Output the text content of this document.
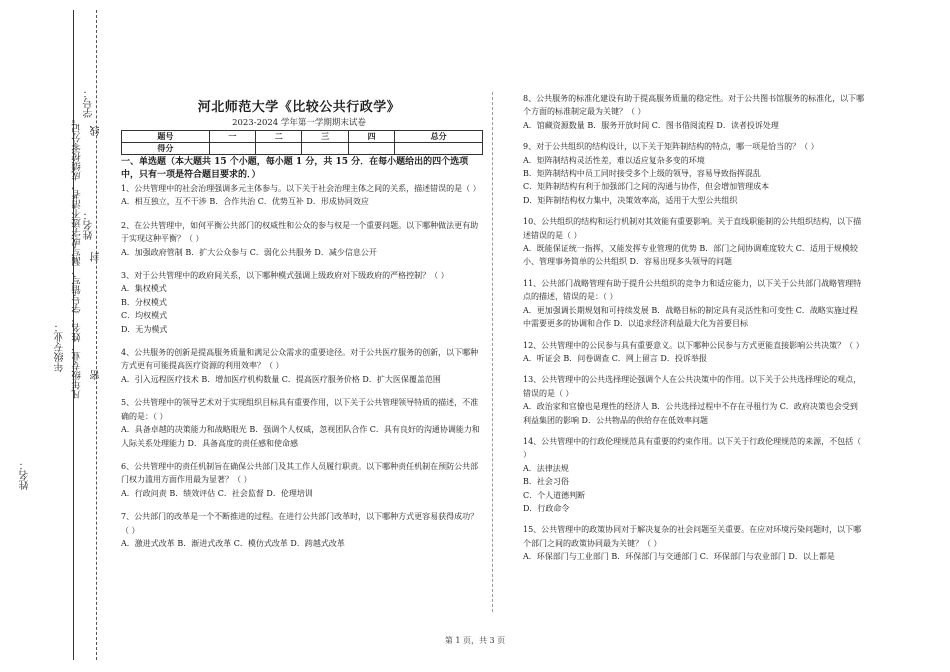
密
封
线
学号：
姓名：
年级专业：
姓名：
凡年级专业、姓名、学号错写、漏写或字迹不清者，成绩按零分记。
河北师范大学《比较公共行政学》
2023-2024 学年第一学期期末试卷
题号	一	二	三	四	总分
得分					
一、单选题（本大题共 15 个小题，每小题 1 分，共 15 分．在每小题给出的四个选项中，只有一项是符合题目要求的．）
1、公共管理中的社会治理强调多元主体参与。以下关于社会治理主体之间的关系，描述错误的是（ ）
A．相互独立，互不干涉 B．合作共治 C．优势互补 D．形成协同效应
2、在公共管理中，如何平衡公共部门的权威性和公众的参与权是一个重要问题。以下哪种做法更有助于实现这种平衡？（ ）
A．加强政府管制 B．扩大公众参与 C．弱化公共服务 D．减少信息公开
3、对于公共管理中的政府间关系，以下哪种模式强调上级政府对下级政府的严格控制？（ ）
A．集权模式
B．分权模式
C．均权模式
D．无为模式
4、公共服务的创新是提高服务质量和满足公众需求的重要途径。对于公共医疗服务的创新，以下哪种方式更有可能提高医疗资源的利用效率？（ ）
A．引入远程医疗技术 B．增加医疗机构数量 C．提高医疗服务价格 D．扩大医保覆盖范围
5、公共管理中的领导艺术对于实现组织目标具有重要作用，以下关于公共管理领导特质的描述，不准确的是：（ ）
A．具备卓越的决策能力和战略眼光 B．强调个人权威，忽视团队合作 C．具有良好的沟通协调能力和人际关系处理能力 D．具备高度的责任感和使命感
6、公共管理中的责任机制旨在确保公共部门及其工作人员履行职责。以下哪种责任机制在预防公共部门权力滥用方面作用最为显著？（ ）
A．行政问责 B．绩效评估 C．社会监督 D．伦理培训
7、公共部门的改革是一个不断推进的过程。在进行公共部门改革时，以下哪种方式更容易获得成功？（ ）
A．激进式改革 B．渐进式改革 C．模仿式改革 D．跨越式改革
8、公共服务的标准化建设有助于提高服务质量的稳定性。对于公共图书馆服务的标准化，以下哪个方面的标准制定最为关键？（ ）
A．馆藏资源数量 B．服务开放时间 C．图书借阅流程 D．读者投诉处理
9、对于公共组织的结构设计，以下关于矩阵制结构的特点，哪一项是恰当的？（ ）
A．矩阵制结构灵活性差，难以适应复杂多变的环境
B．矩阵制结构中员工同时接受多个上级的领导，容易导致指挥混乱
C．矩阵制结构有利于加强部门之间的沟通与协作，但会增加管理成本
D．矩阵制结构权力集中，决策效率高，适用于大型公共组织
10、公共组织的结构和运行机制对其效能有重要影响。关于直线职能制的公共组织结构，以下描述错误的是（ ）
A．既能保证统一指挥，又能发挥专业管理的优势 B．部门之间协调难度较大 C．适用于规模较小、管理事务简单的公共组织 D．容易出现多头领导的问题
11、公共部门战略管理有助于提升公共组织的竞争力和适应能力，以下关于公共部门战略管理特点的描述，错误的是：（ ）
A．更加强调长期规划和可持续发展 B．战略目标的制定具有灵活性和可变性 C．战略实施过程中需要更多的协调和合作 D．以追求经济利益最大化为首要目标
12、公共管理中的公民参与具有重要意义。以下哪种公民参与方式更能直接影响公共决策？（ ）
A．听证会 B．问卷调查 C．网上留言 D．投诉举报
13、公共管理中的公共选择理论强调个人在公共决策中的作用。以下关于公共选择理论的观点，错误的是（ ）
A．政治家和官僚也是理性的经济人 B．公共选择过程中不存在寻租行为 C．政府决策也会受到利益集团的影响 D．公共物品的供给存在低效率问题
14、公共管理中的行政伦理规范具有重要的约束作用。以下关于行政伦理规范的来源，不包括（ ）
A．法律法规
B．社会习俗
C．个人道德判断
D．行政命令
15、公共管理中的政策协同对于解决复杂的社会问题至关重要。在应对环境污染问题时，以下哪个部门之间的政策协同最为关键？（ ）
A．环保部门与工业部门 B．环保部门与交通部门 C．环保部门与农业部门 D．以上都是
第 1 页，共 3 页
